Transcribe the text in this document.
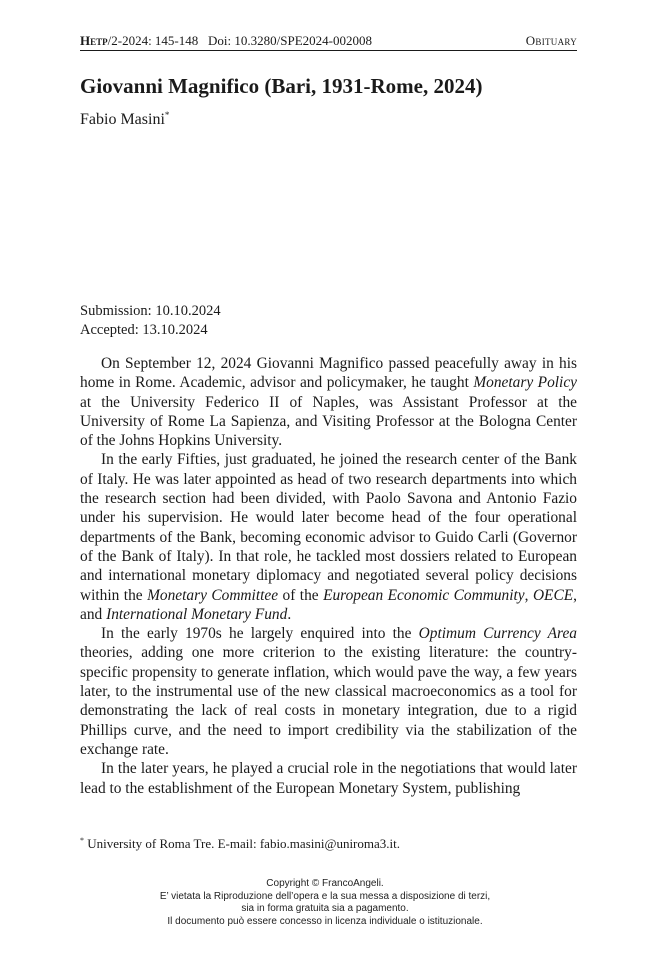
Hetp/2-2024: 145-148   Doi: 10.3280/SPE2024-002008	Obituary
Giovanni Magnifico (Bari, 1931-Rome, 2024)
Fabio Masini*
Submission: 10.10.2024
Accepted: 13.10.2024

On September 12, 2024 Giovanni Magnifico passed peacefully away in his home in Rome. Academic, advisor and policymaker, he taught Monetary Policy at the University Federico II of Naples, was Assistant Professor at the University of Rome La Sapienza, and Visiting Professor at the Bologna Center of the Johns Hopkins University.

In the early Fifties, just graduated, he joined the research center of the Bank of Italy. He was later appointed as head of two research departments into which the research section had been divided, with Paolo Savona and Antonio Fazio under his supervision. He would later become head of the four operational departments of the Bank, becoming economic advisor to Guido Carli (Governor of the Bank of Italy). In that role, he tackled most dossiers related to European and international monetary diplomacy and negotiated several policy decisions within the Monetary Committee of the European Economic Community, OECE, and International Monetary Fund.

In the early 1970s he largely enquired into the Optimum Currency Area theories, adding one more criterion to the existing literature: the country-specific propensity to generate inflation, which would pave the way, a few years later, to the instrumental use of the new classical macroeconomics as a tool for demonstrating the lack of real costs in monetary integration, due to a rigid Phillips curve, and the need to import credibility via the stabilization of the exchange rate.

In the later years, he played a crucial role in the negotiations that would later lead to the establishment of the European Monetary System, publishing

* University of Roma Tre. E-mail: fabio.masini@uniroma3.it.
Copyright © FrancoAngeli.
E’ vietata la Riproduzione dell’opera e la sua messa a disposizione di terzi,
sia in forma gratuita sia a pagamento.
Il documento può essere concesso in licenza individuale o istituzionale.
